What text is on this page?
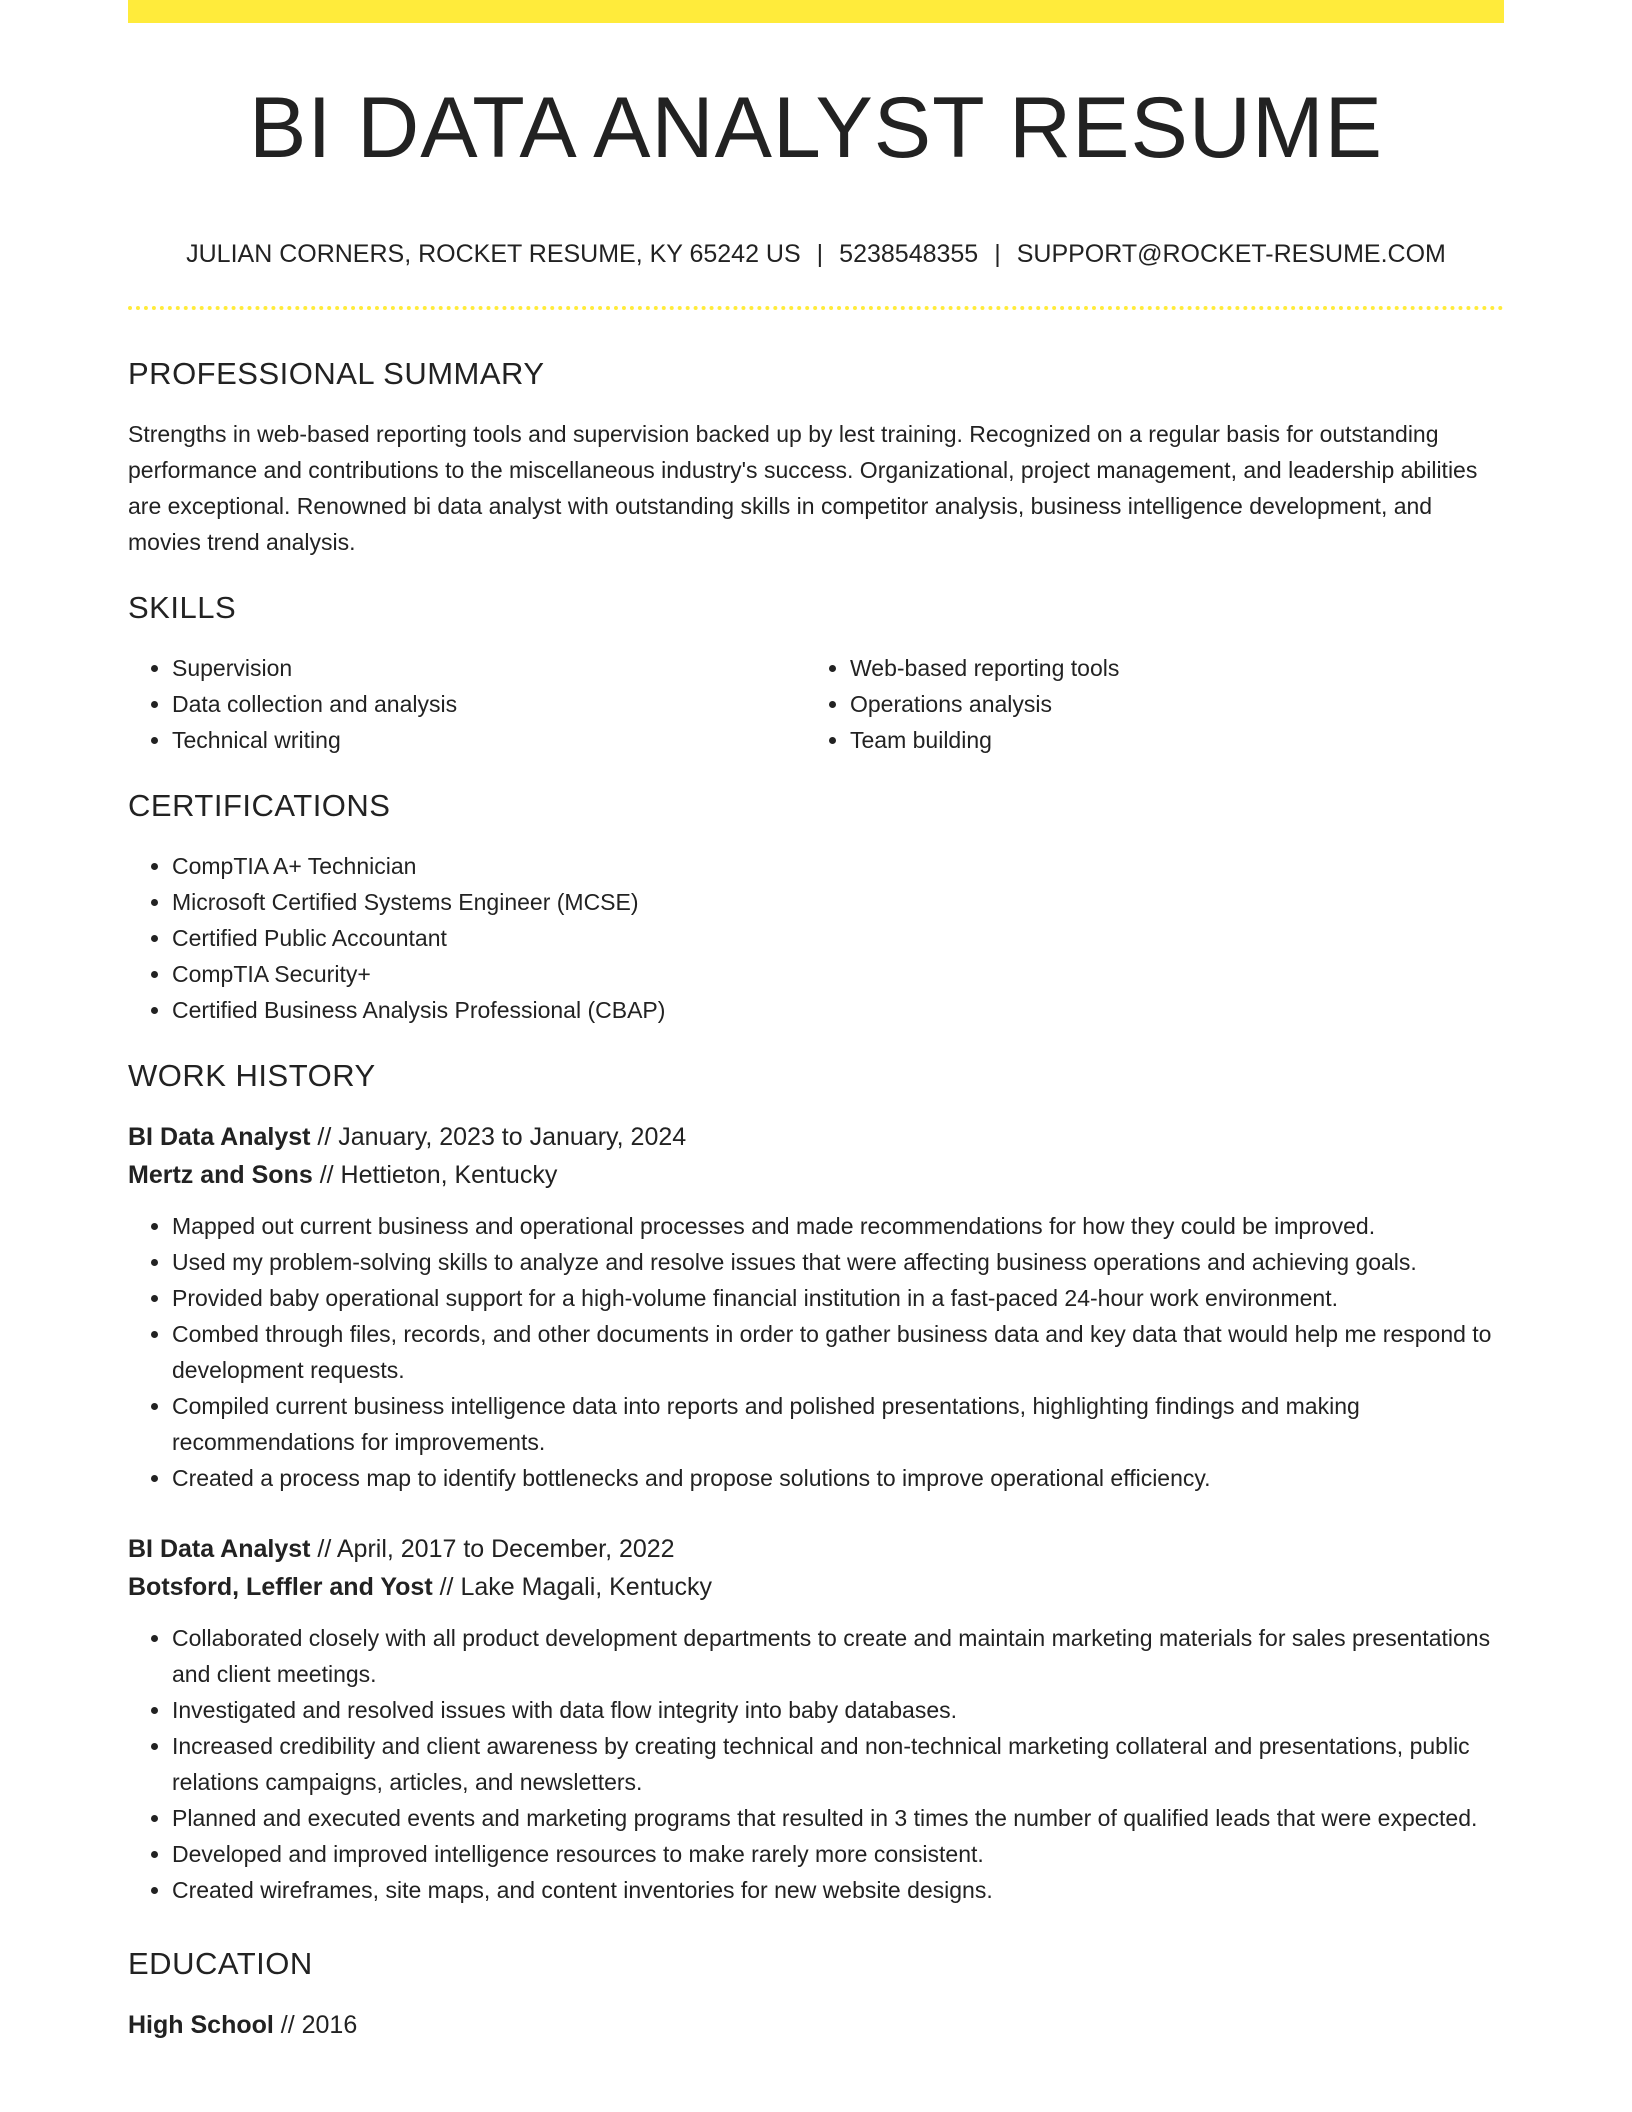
BI DATA ANALYST RESUME
JULIAN CORNERS, ROCKET RESUME, KY 65242 US | 5238548355 | SUPPORT@ROCKET-RESUME.COM
PROFESSIONAL SUMMARY

Strengths in web-based reporting tools and supervision backed up by lest training. Recognized on a regular basis for outstanding performance and contributions to the miscellaneous industry's success. Organizational, project management, and leadership abilities are exceptional. Renowned bi data analyst with outstanding skills in competitor analysis, business intelligence development, and movies trend analysis.

SKILLS
• Supervision
• Data collection and analysis
• Technical writing
• Web-based reporting tools
• Operations analysis
• Team building
CERTIFICATIONS
• CompTIA A+ Technician
• Microsoft Certified Systems Engineer (MCSE)
• Certified Public Accountant
• CompTIA Security+
• Certified Business Analysis Professional (CBAP)
WORK HISTORY
BI Data Analyst // January, 2023 to January, 2024
Mertz and Sons // Hettieton, Kentucky
• Mapped out current business and operational processes and made recommendations for how they could be improved.
• Used my problem-solving skills to analyze and resolve issues that were affecting business operations and achieving goals.
• Provided baby operational support for a high-volume financial institution in a fast-paced 24-hour work environment.
• Combed through files, records, and other documents in order to gather business data and key data that would help me respond to development requests.
• Compiled current business intelligence data into reports and polished presentations, highlighting findings and making recommendations for improvements.
• Created a process map to identify bottlenecks and propose solutions to improve operational efficiency.
BI Data Analyst // April, 2017 to December, 2022
Botsford, Leffler and Yost // Lake Magali, Kentucky
• Collaborated closely with all product development departments to create and maintain marketing materials for sales presentations and client meetings.
• Investigated and resolved issues with data flow integrity into baby databases.
• Increased credibility and client awareness by creating technical and non-technical marketing collateral and presentations, public relations campaigns, articles, and newsletters.
• Planned and executed events and marketing programs that resulted in 3 times the number of qualified leads that were expected.
• Developed and improved intelligence resources to make rarely more consistent.
• Created wireframes, site maps, and content inventories for new website designs.
EDUCATION
High School // 2016
